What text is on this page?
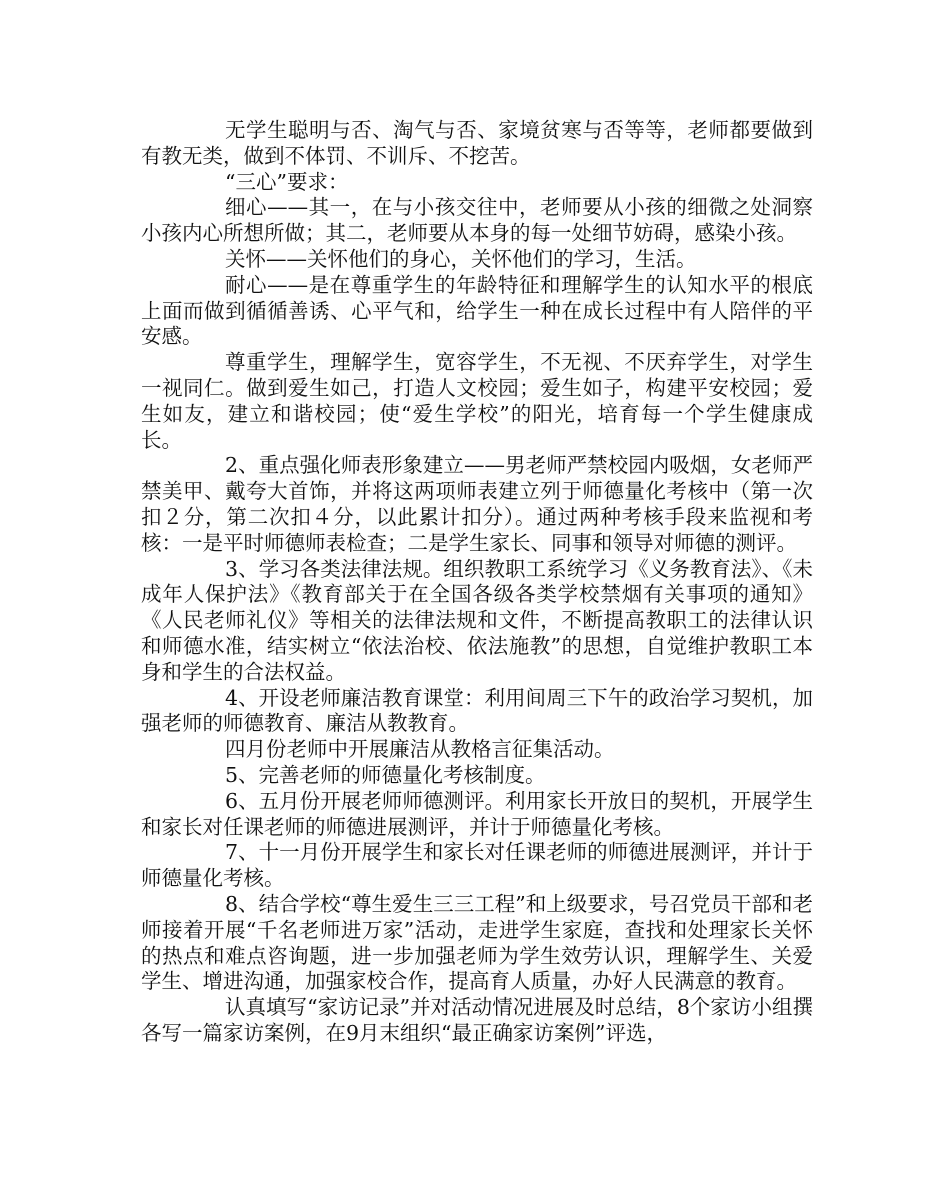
无学生聪明与否、淘气与否、家境贫寒与否等等，老师都要做到有教无类，做到不体罚、不训斥、不挖苦。

“三心”要求：

细心——其一，在与小孩交往中，老师要从小孩的细微之处洞察小孩内心所想所做；其二，老师要从本身的每一处细节妨碍，感染小孩。

关怀——关怀他们的身心，关怀他们的学习，生活。

耐心——是在尊重学生的年龄特征和理解学生的认知水平的根底上面而做到循循善诱、心平气和，给学生一种在成长过程中有人陪伴的平安感。

尊重学生，理解学生，宽容学生，不无视、不厌弃学生，对学生一视同仁。做到爱生如己，打造人文校园；爱生如子，构建平安校园；爱生如友，建立和谐校园；使“爱生学校”的阳光，培育每一个学生健康成长。

2、重点强化师表形象建立——男老师严禁校园内吸烟，女老师严禁美甲、戴夸大首饰，并将这两项师表建立列于师德量化考核中（第一次扣２分，第二次扣４分，以此累计扣分）。通过两种考核手段来监视和考核：一是平时师德师表检查；二是学生家长、同事和领导对师德的测评。

3、学习各类法律法规。组织教职工系统学习《义务教育法》、《未成年人保护法》《教育部关于在全国各级各类学校禁烟有关事项的通知》《人民老师礼仪》等相关的法律法规和文件，不断提高教职工的法律认识和师德水准，结实树立“依法治校、依法施教”的思想，自觉维护教职工本身和学生的合法权益。

4、开设老师廉洁教育课堂：利用间周三下午的政治学习契机，加强老师的师德教育、廉洁从教教育。

四月份老师中开展廉洁从教格言征集活动。

5、完善老师的师德量化考核制度。

6、五月份开展老师师德测评。利用家长开放日的契机，开展学生和家长对任课老师的师德进展测评，并计于师德量化考核。

7、十一月份开展学生和家长对任课老师的师德进展测评，并计于师德量化考核。

8、结合学校“尊生爱生三三工程”和上级要求，号召党员干部和老师接着开展“千名老师进万家”活动，走进学生家庭，查找和处理家长关怀的热点和难点咨询题，进一步加强老师为学生效劳认识，理解学生、关爱学生、增进沟通，加强家校合作，提高育人质量，办好人民满意的教育。

认真填写“家访记录”并对活动情况进展及时总结，8个家访小组撰各写一篇家访案例，在9月末组织“最正确家访案例”评选，
